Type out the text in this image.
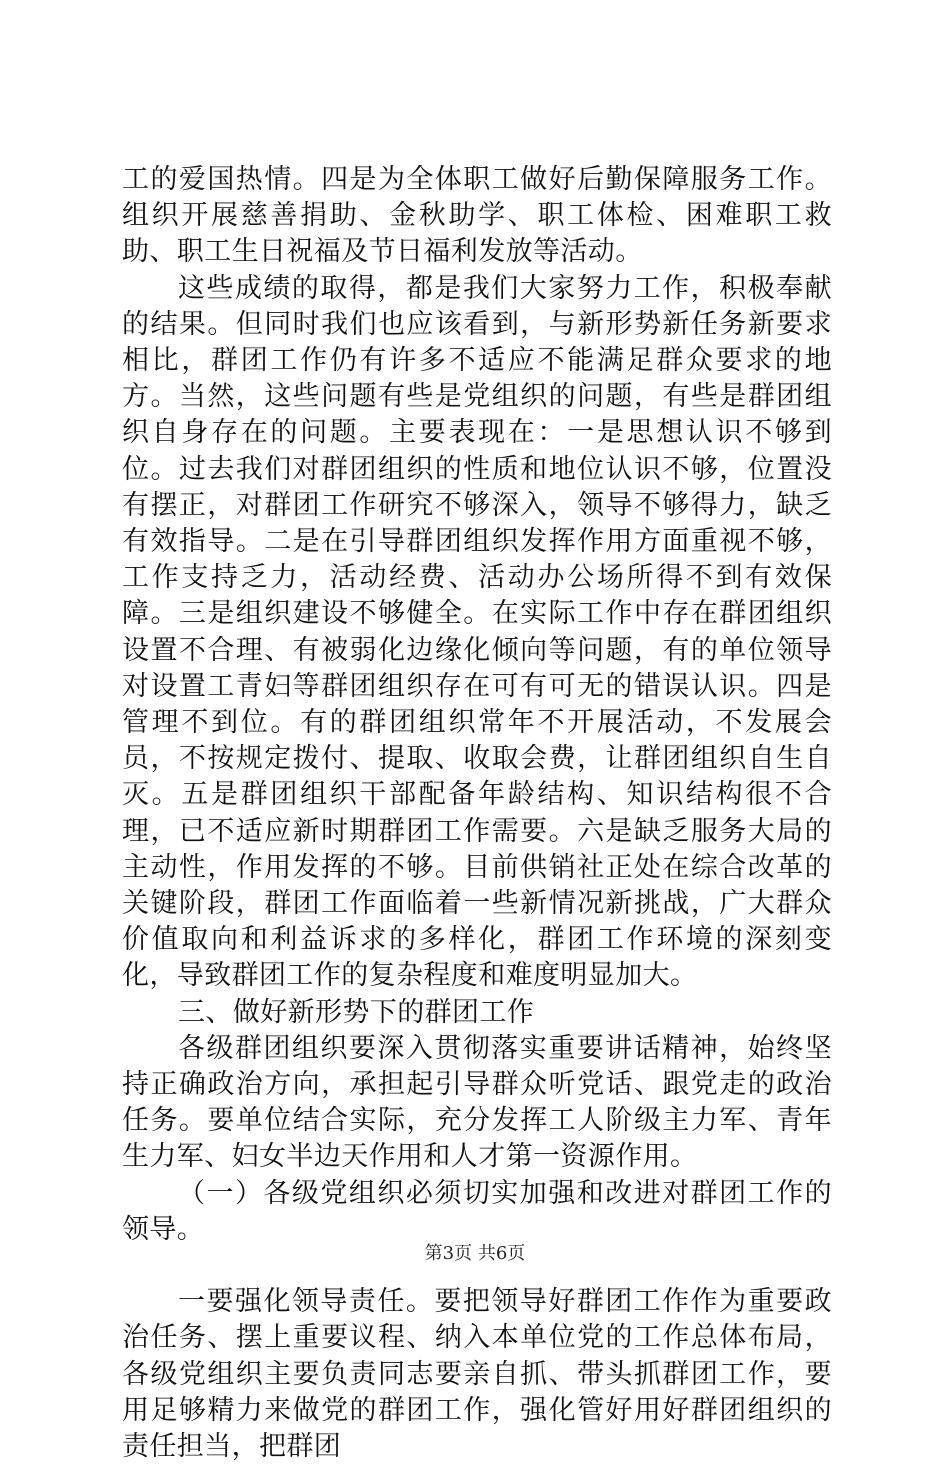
工的爱国热情。四是为全体职工做好后勤保障服务工作。组织开展慈善捐助、金秋助学、职工体检、困难职工救助、职工生日祝福及节日福利发放等活动。

这些成绩的取得，都是我们大家努力工作，积极奉献的结果。但同时我们也应该看到，与新形势新任务新要求相比，群团工作仍有许多不适应不能满足群众要求的地方。当然，这些问题有些是党组织的问题，有些是群团组织自身存在的问题。主要表现在：一是思想认识不够到位。过去我们对群团组织的性质和地位认识不够，位置没有摆正，对群团工作研究不够深入，领导不够得力，缺乏有效指导。二是在引导群团组织发挥作用方面重视不够，工作支持乏力，活动经费、活动办公场所得不到有效保障。三是组织建设不够健全。在实际工作中存在群团组织设置不合理、有被弱化边缘化倾向等问题，有的单位领导对设置工青妇等群团组织存在可有可无的错误认识。四是管理不到位。有的群团组织常年不开展活动，不发展会员，不按规定拨付、提取、收取会费，让群团组织自生自灭。五是群团组织干部配备年龄结构、知识结构很不合理，已不适应新时期群团工作需要。六是缺乏服务大局的主动性，作用发挥的不够。目前供销社正处在综合改革的关键阶段，群团工作面临着一些新情况新挑战，广大群众价值取向和利益诉求的多样化，群团工作环境的深刻变化，导致群团工作的复杂程度和难度明显加大。

三、做好新形势下的群团工作

各级群团组织要深入贯彻落实重要讲话精神，始终坚持正确政治方向，承担起引导群众听党话、跟党走的政治任务。要单位结合实际，充分发挥工人阶级主力军、青年生力军、妇女半边天作用和人才第一资源作用。

（一）各级党组织必须切实加强和改进对群团工作的领导。

一要强化领导责任。要把领导好群团工作作为重要政治任务、摆上重要议程、纳入本单位党的工作总体布局，各级党组织主要负责同志要亲自抓、带头抓群团工作，要用足够精力来做党的群团工作，强化管好用好群团组织的责任担当，把群团

第3页 共6页
